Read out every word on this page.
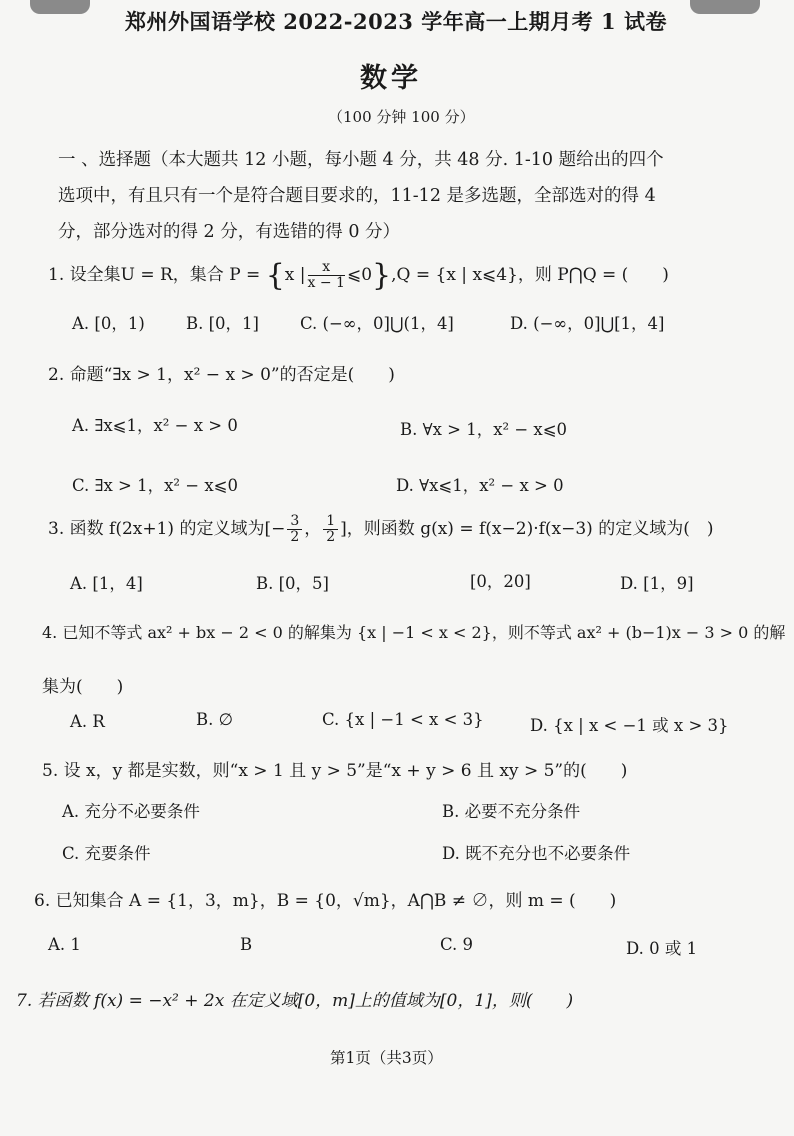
郑州外国语学校 2022-2023 学年高一上期月考 1 试卷
数学
（100 分钟 100 分）
一 、选择题（本大题共 12 小题，每小题 4 分，共 48 分. 1-10 题给出的四个
选项中，有且只有一个是符合题目要求的，11-12 是多选题，全部选对的得 4
分，部分选对的得 2 分，有选错的得 0 分）
1. 设全集U = R，集合 P = {x | $\frac{x}{x - 1}$ ⩽0},Q = {x | x⩽4}，则 P⋂Q = (　　)
A. [0，1) B. [0，1] C. (−∞，0]⋃(1，4]	D. (−∞，0]⋃[1，4]
2. 命题“∃x > 1，x² − x > 0”的否定是(　　)
A. ∃x⩽1，x² − x > 0	B. ∀x > 1，x² − x⩽0
C. ∃x > 1，x² − x⩽0	D. ∀x⩽1，x² − x > 0
3. 函数 f(2x+1) 的定义域为[− $\frac{3}{2}$ ， $\frac{1}{2}$ ]，则函数 g(x) = f(x−2)·f(x−3) 的定义域为(　)
A. [1，4]	B. [0，5]	[0，20]	D. [1，9]
4. 已知不等式 ax² + bx − 2 < 0 的解集为 {x | −1 < x < 2}，则不等式 ax² + (b−1)x − 3 > 0 的解
集为(　　)
A. R	B. ∅	C. {x | −1 < x < 3}	D. {x | x < −1 或 x > 3}
5. 设 x，y 都是实数，则“x > 1 且 y > 5”是“x + y > 6 且 xy > 5”的(　　)
A. 充分不必要条件	B. 必要不充分条件
C. 充要条件	D. 既不充分也不必要条件
6. 已知集合 A = {1，3，m}，B = {0，√m}，A⋂B ≠ ∅，则 m = (　　)
A. 1	B	C. 9	D. 0 或 1
7. 若函数 f(x) = −x² + 2x 在定义域[0，m]上的值域为[0，1]，则(　　)
第1页（共3页）
